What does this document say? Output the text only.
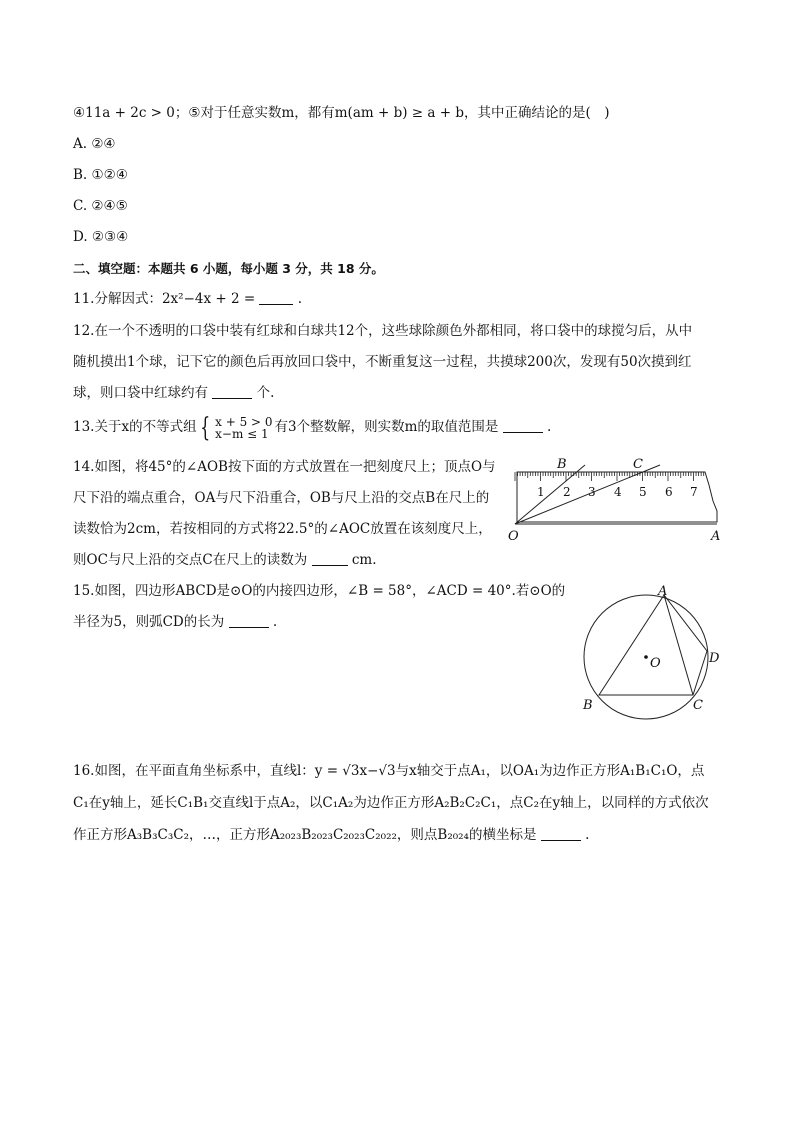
④11a + 2c > 0；⑤对于任意实数m，都有m(am + b) ≥ a + b，其中正确结论的是(　)
A. ②④
B. ①②④
C. ②④⑤
D. ②③④
二、填空题：本题共 6 小题，每小题 3 分，共 18 分。
11.分解因式：2x²−4x + 2 =	.
12.在一个不透明的口袋中装有红球和白球共12个，这些球除颜色外都相同，将口袋中的球搅匀后，从中
随机摸出1个球，记下它的颜色后再放回口袋中，不断重复这一过程，共摸球200次，发现有50次摸到红
球，则口袋中红球约有	个.
13.关于x的不等式组 { x + 5 > 0
x−m ≤ 1 有3个整数解，则实数m的取值范围是	.
14.如图，将45°的∠AOB按下面的方式放置在一把刻度尺上；顶点O与
尺下沿的端点重合，OA与尺下沿重合，OB与尺上沿的交点B在尺上的
读数恰为2cm，若按相同的方式将22.5°的∠AOC放置在该刻度尺上，
则OC与尺上沿的交点C在尺上的读数为	cm.
B	C
O	A
1 2 3 4 5 6 7
15.如图，四边形ABCD是⊙O的内接四边形，∠B = 58°，∠ACD = 40°.若⊙O的
半径为5，则弧CD的长为	.
A
B	C
D
O
16.如图，在平面直角坐标系中，直线l：y = √3x−√3与x轴交于点A₁，以OA₁为边作正方形A₁B₁C₁O，点
C₁在y轴上，延长C₁B₁交直线l于点A₂，以C₁A₂为边作正方形A₂B₂C₂C₁，点C₂在y轴上，以同样的方式依次
作正方形A₃B₃C₃C₂，…，正方形A₂₀₂₃B₂₀₂₃C₂₀₂₃C₂₀₂₂，则点B₂₀₂₄的横坐标是	.
